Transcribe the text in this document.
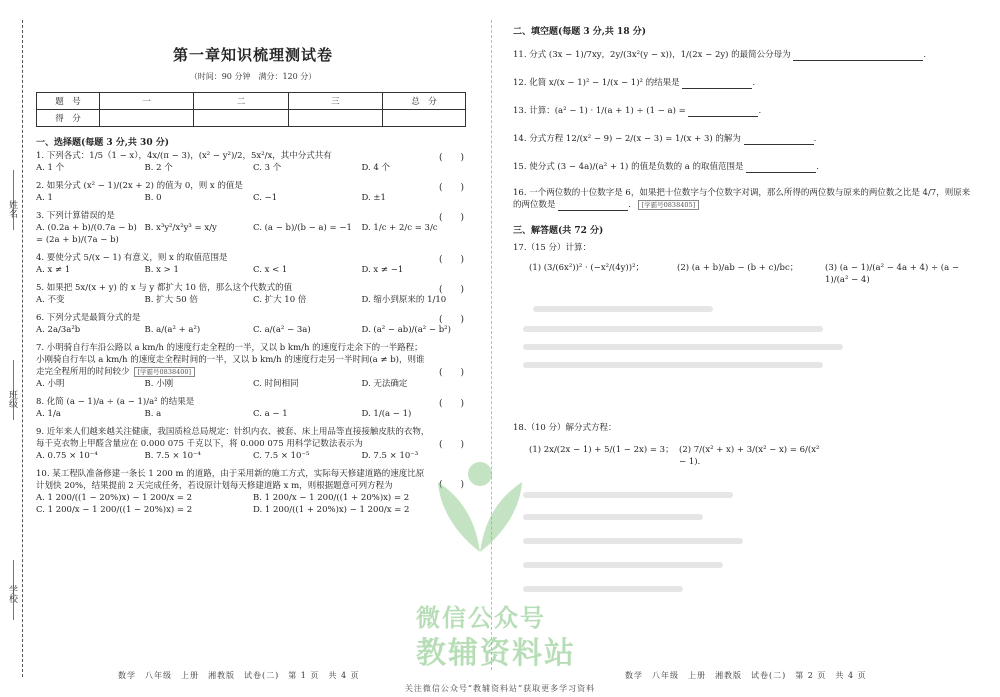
姓名
班级
学校
第一章知识梳理测试卷
（时间：90 分钟　满分：120 分）
题　号	一	二	三	总　分
得　分				
一、选择题(每题 3 分,共 30 分)
1. 下列各式：1/5（1 − x），4x/(π − 3)，(x² − y²)/2，5x²/x，其中分式共有	(　　)
A. 1 个	B. 2 个	C. 3 个	D. 4 个
2. 如果分式 (x² − 1)/(2x + 2) 的值为 0，则 x 的值是	(　　)
A. 1	B. 0	C. −1	D. ±1
3. 下列计算错误的是	(　　)
A. (0.2a + b)/(0.7a − b) = (2a + b)/(7a − b)
B. x³y²/x²y³ = x/y	C. (a − b)/(b − a) = −1	D. 1/c + 2/c = 3/c
4. 要使分式 5/(x − 1) 有意义，则 x 的取值范围是	(　　)
A. x ≠ 1	B. x > 1	C. x < 1	D. x ≠ −1
5. 如果把 5x/(x + y) 的 x 与 y 都扩大 10 倍，那么这个代数式的值	(　　)
A. 不变	B. 扩大 50 倍	C. 扩大 10 倍	D. 缩小到原来的 1/10
6. 下列分式是最简分式的是	(　　)
A. 2a/3a²b	B. a/(a² + a²)	C. a/(a² − 3a)	D. (a² − ab)/(a² − b²)
7. 小明骑自行车沿公路以 a km/h 的速度行走全程的一半，又以 b km/h 的速度行走余下的一半路程；小刚骑自行车以 a km/h 的速度走全程时间的一半，又以 b km/h 的速度行走另一半时间(a ≠ b)，则谁走完全程所用的时间较少 [学霸号0838400]	(　　)
A. 小明	B. 小刚	C. 时间相同	D. 无法确定
8. 化简 (a − 1)/a ÷ (a − 1)/a² 的结果是	(　　)
A. 1/a	B. a	C. a − 1	D. 1/(a − 1)
9. 近年来人们越来越关注健康，我国质检总局规定：针织内衣、被套、床上用品等直接接触皮肤的衣物，每千克衣物上甲醛含量应在 0.000 075 千克以下，将 0.000 075 用科学记数法表示为	(　　)
A. 0.75 × 10⁻⁴	B. 7.5 × 10⁻⁴	C. 7.5 × 10⁻⁵	D. 7.5 × 10⁻³
10. 某工程队准备修建一条长 1 200 m 的道路，由于采用新的施工方式，实际每天修建道路的速度比原计划快 20%，结果提前 2 天完成任务，若设原计划每天修建道路 x m，则根据题意可列方程为	(　　)
A. 1 200/((1 − 20%)x) − 1 200/x = 2	B. 1 200/x − 1 200/((1 + 20%)x) = 2
C. 1 200/x − 1 200/((1 − 20%)x) = 2	D. 1 200/((1 + 20%)x) − 1 200/x = 2
二、填空题(每题 3 分,共 18 分)
11. 分式 (3x − 1)/7xy，2y/(3x²(y − x))，1/(2x − 2y) 的最简公分母为	.
12. 化简 x/(x − 1)² − 1/(x − 1)² 的结果是	.
13. 计算：(a² − 1) · 1/(a + 1) ÷ (1 − a) =	.
14. 分式方程 12/(x² − 9) − 2/(x − 3) = 1/(x + 3) 的解为	.
15. 使分式 (3 − 4a)/(a² + 1) 的值是负数的 a 的取值范围是	.
16. 一个两位数的十位数字是 6，如果把十位数字与个位数字对调，那么所得的两位数与原来的两位数之比是 4/7，则原来的两位数是	. [学霸号0838405]
三、解答题(共 72 分)
17.（15 分）计算：
(1) (3/(6x²))² · (−x²/(4y))²；	(2) (a + b)/ab − (b + c)/bc；	(3) (a − 1)/(a² − 4a + 4) ÷ (a − 1)/(a² − 4)
18.（10 分）解分式方程：
(1) 2x/(2x − 1) + 5/(1 − 2x) = 3； (2) 7/(x² + x) + 3/(x² − x) = 6/(x² − 1).
微信公众号
教辅资料站
数学　八年级　上册　湘教版　试卷(二)　第 1 页　共 4 页	数学　八年级　上册　湘教版　试卷(二)　第 2 页　共 4 页
关注微信公众号“教辅资料站”获取更多学习资料
